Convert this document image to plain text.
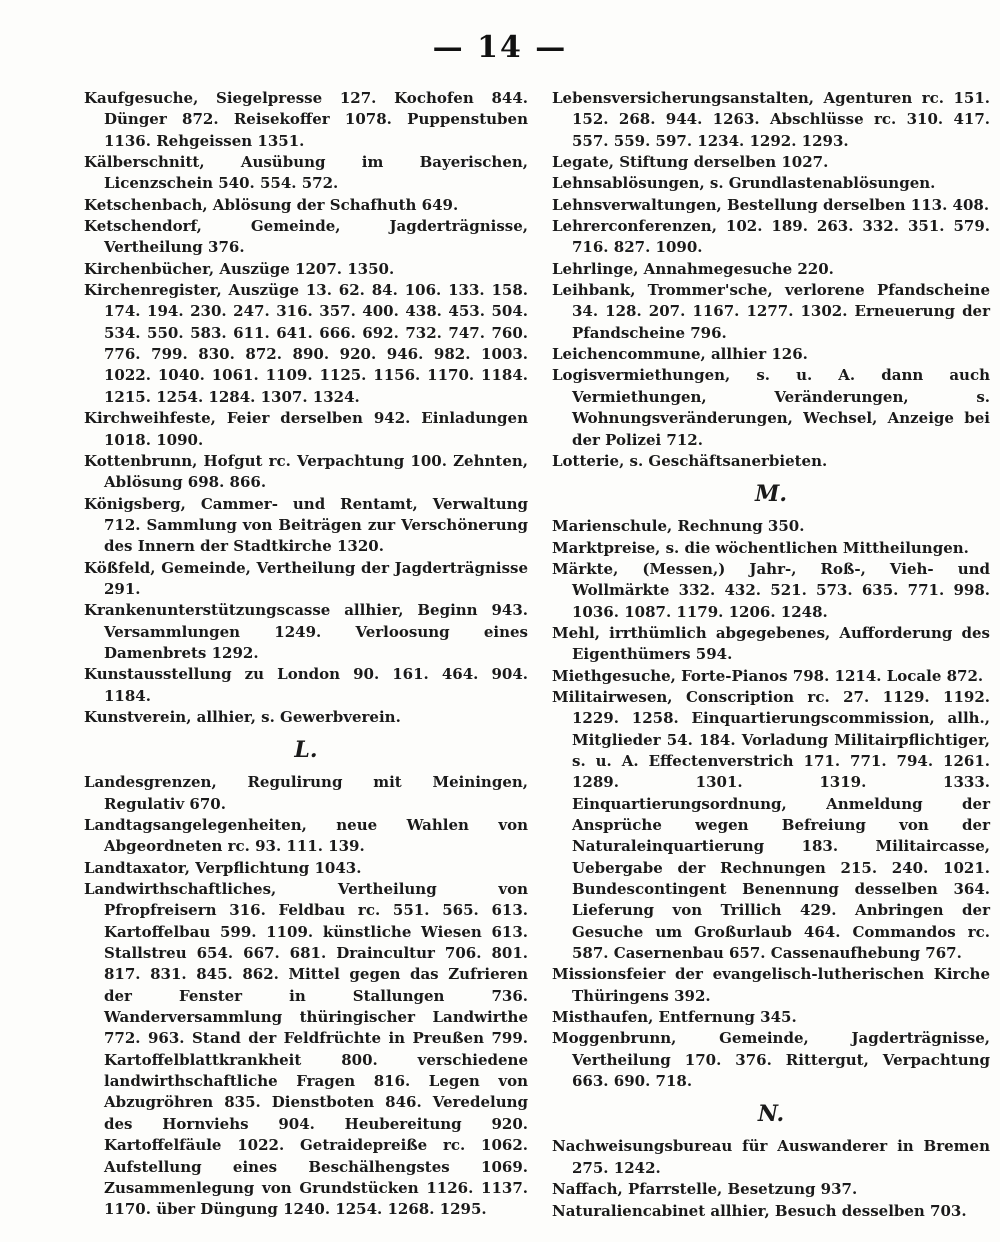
— 14 —
Kaufgesuche, Siegelpresse 127. Kochofen 844. Dünger 872. Reisekoffer 1078. Puppenstuben 1136. Rehgeissen 1351.
Kälberschnitt, Ausübung im Bayerischen, Licenzschein 540. 554. 572.
Ketschenbach, Ablösung der Schafhuth 649.
Ketschendorf, Gemeinde, Jagderträgnisse, Vertheilung 376.
Kirchenbücher, Auszüge 1207. 1350.
Kirchenregister, Auszüge 13. 62. 84. 106. 133. 158. 174. 194. 230. 247. 316. 357. 400. 438. 453. 504. 534. 550. 583. 611. 641. 666. 692. 732. 747. 760. 776. 799. 830. 872. 890. 920. 946. 982. 1003. 1022. 1040. 1061. 1109. 1125. 1156. 1170. 1184. 1215. 1254. 1284. 1307. 1324.
Kirchweihfeste, Feier derselben 942. Einladungen 1018. 1090.
Kottenbrunn, Hofgut rc. Verpachtung 100. Zehnten, Ablösung 698. 866.
Königsberg, Cammer- und Rentamt, Verwaltung 712. Sammlung von Beiträgen zur Verschönerung des Innern der Stadtkirche 1320.
Kößfeld, Gemeinde, Vertheilung der Jagderträgnisse 291.
Krankenunterstützungscasse allhier, Beginn 943. Versammlungen 1249. Verloosung eines Damenbrets 1292.
Kunstausstellung zu London 90. 161. 464. 904. 1184.
Kunstverein, allhier, s. Gewerbverein.
L.
Landesgrenzen, Regulirung mit Meiningen, Regulativ 670.
Landtagsangelegenheiten, neue Wahlen von Abgeordneten rc. 93. 111. 139.
Landtaxator, Verpflichtung 1043.
Landwirthschaftliches, Vertheilung von Pfropfreisern 316. Feldbau rc. 551. 565. 613. Kartoffelbau 599. 1109. künstliche Wiesen 613. Stallstreu 654. 667. 681. Draincultur 706. 801. 817. 831. 845. 862. Mittel gegen das Zufrieren der Fenster in Stallungen 736. Wanderversammlung thüringischer Landwirthe 772. 963. Stand der Feldfrüchte in Preußen 799. Kartoffelblattkrankheit 800. verschiedene landwirthschaftliche Fragen 816. Legen von Abzugröhren 835. Dienstboten 846. Veredelung des Hornviehs 904. Heubereitung 920. Kartoffelfäule 1022. Getraidepreiße rc. 1062. Aufstellung eines Beschälhengstes 1069. Zusammenlegung von Grundstücken 1126. 1137. 1170. über Düngung 1240. 1254. 1268. 1295.
Lebensversicherungsanstalten, Agenturen rc. 151. 152. 268. 944. 1263. Abschlüsse rc. 310. 417. 557. 559. 597. 1234. 1292. 1293.
Legate, Stiftung derselben 1027.
Lehnsablösungen, s. Grundlastenablösungen.
Lehnsverwaltungen, Bestellung derselben 113. 408.
Lehrerconferenzen, 102. 189. 263. 332. 351. 579. 716. 827. 1090.
Lehrlinge, Annahmegesuche 220.
Leihbank, Trommer'sche, verlorene Pfandscheine 34. 128. 207. 1167. 1277. 1302. Erneuerung der Pfandscheine 796.
Leichencommune, allhier 126.
Logisvermiethungen, s. u. A. dann auch Vermiethungen, Veränderungen, s. Wohnungsveränderungen, Wechsel, Anzeige bei der Polizei 712.
Lotterie, s. Geschäftsanerbieten.
M.
Marienschule, Rechnung 350.
Marktpreise, s. die wöchentlichen Mittheilungen.
Märkte, (Messen,) Jahr-, Roß-, Vieh- und Wollmärkte 332. 432. 521. 573. 635. 771. 998. 1036. 1087. 1179. 1206. 1248.
Mehl, irrthümlich abgegebenes, Aufforderung des Eigenthümers 594.
Miethgesuche, Forte-Pianos 798. 1214. Locale 872.
Militairwesen, Conscription rc. 27. 1129. 1192. 1229. 1258. Einquartierungscommission, allh., Mitglieder 54. 184. Vorladung Militairpflichtiger, s. u. A. Effectenverstrich 171. 771. 794. 1261. 1289. 1301. 1319. 1333. Einquartierungsordnung, Anmeldung der Ansprüche wegen Befreiung von der Naturaleinquartierung 183. Militaircasse, Uebergabe der Rechnungen 215. 240. 1021. Bundescontingent Benennung desselben 364. Lieferung von Trillich 429. Anbringen der Gesuche um Großurlaub 464. Commandos rc. 587. Casernenbau 657. Cassenaufhebung 767.
Missionsfeier der evangelisch-lutherischen Kirche Thüringens 392.
Misthaufen, Entfernung 345.
Moggenbrunn, Gemeinde, Jagderträgnisse, Vertheilung 170. 376. Rittergut, Verpachtung 663. 690. 718.
N.
Nachweisungsbureau für Auswanderer in Bremen 275. 1242.
Naffach, Pfarrstelle, Besetzung 937.
Naturaliencabinet allhier, Besuch desselben 703.
